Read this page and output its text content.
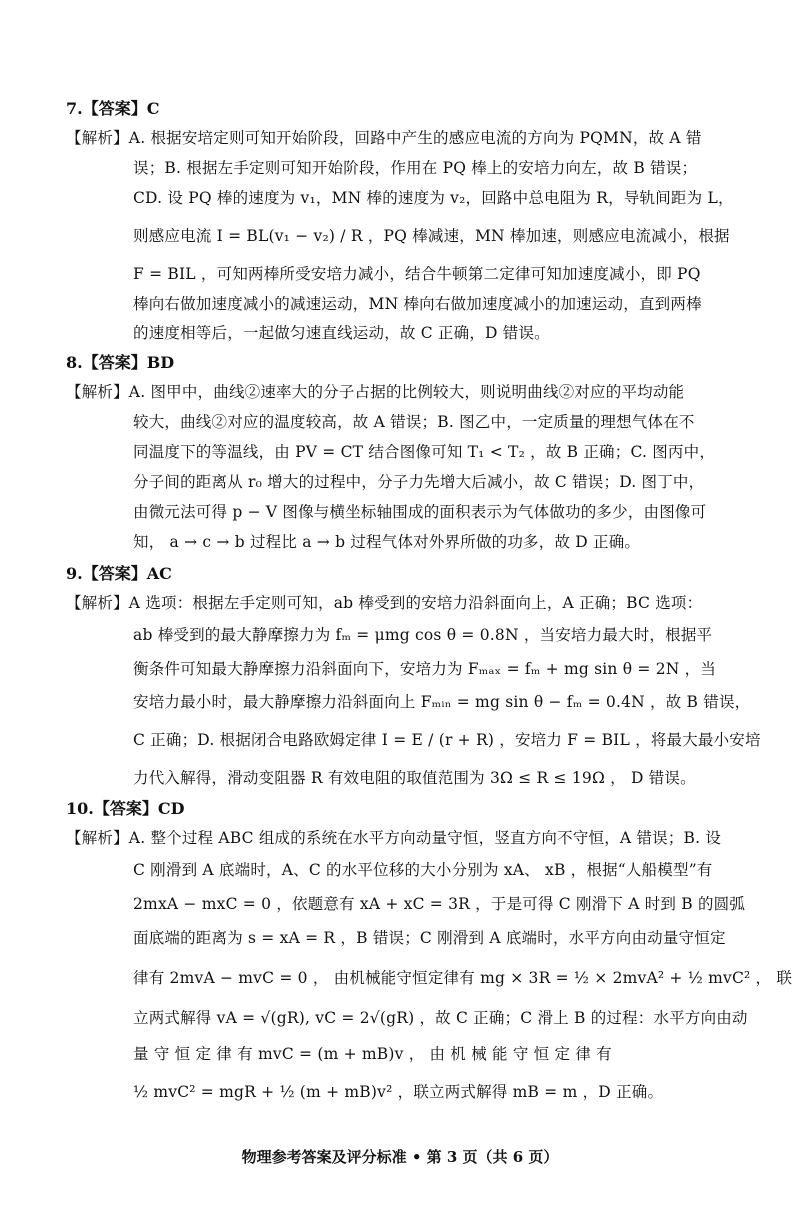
7.【答案】C
【解析】A. 根据安培定则可知开始阶段，回路中产生的感应电流的方向为 PQMN，故 A 错
误；B. 根据左手定则可知开始阶段，作用在 PQ 棒上的安培力向左，故 B 错误；
CD. 设 PQ 棒的速度为 v₁，MN 棒的速度为 v₂，回路中总电阻为 R，导轨间距为 L，
则感应电流 I = BL(v₁ − v₂) / R ，PQ 棒减速，MN 棒加速，则感应电流减小，根据
F = BIL ，可知两棒所受安培力减小，结合牛顿第二定律可知加速度减小，即 PQ
棒向右做加速度减小的减速运动，MN 棒向右做加速度减小的加速运动，直到两棒
的速度相等后，一起做匀速直线运动，故 C 正确，D 错误。
8.【答案】BD
【解析】A. 图甲中，曲线②速率大的分子占据的比例较大，则说明曲线②对应的平均动能
较大，曲线②对应的温度较高，故 A 错误；B. 图乙中，一定质量的理想气体在不
同温度下的等温线，由 PV = CT 结合图像可知 T₁ < T₂ ，故 B 正确；C. 图丙中，
分子间的距离从 r₀ 增大的过程中，分子力先增大后减小，故 C 错误；D. 图丁中，
由微元法可得 p − V 图像与横坐标轴围成的面积表示为气体做功的多少，由图像可
知， a → c → b 过程比 a → b 过程气体对外界所做的功多，故 D 正确。
9.【答案】AC
【解析】A 选项：根据左手定则可知，ab 棒受到的安培力沿斜面向上，A 正确；BC 选项：
ab 棒受到的最大静摩擦力为 fₘ = μmg cos θ = 0.8N ，当安培力最大时，根据平
衡条件可知最大静摩擦力沿斜面向下，安培力为 Fₘₐₓ = fₘ + mg sin θ = 2N ，当
安培力最小时，最大静摩擦力沿斜面向上 Fₘᵢₙ = mg sin θ − fₘ = 0.4N ，故 B 错误，
C 正确；D. 根据闭合电路欧姆定律 I = E / (r + R) ，安培力 F = BIL ，将最大最小安培
力代入解得，滑动变阻器 R 有效电阻的取值范围为 3Ω ≤ R ≤ 19Ω ， D 错误。
10.【答案】CD
【解析】A. 整个过程 ABC 组成的系统在水平方向动量守恒，竖直方向不守恒，A 错误；B. 设
C 刚滑到 A 底端时，A、C 的水平位移的大小分别为 xA、 xB ，根据“人船模型”有
2mxA − mxC = 0 ，依题意有 xA + xC = 3R ，于是可得 C 刚滑下 A 时到 B 的圆弧
面底端的距离为 s = xA = R ，B 错误；C 刚滑到 A 底端时，水平方向由动量守恒定
律有 2mvA − mvC = 0 ， 由机械能守恒定律有 mg × 3R = ½ × 2mvA² + ½ mvC² ， 联
立两式解得 vA = √(gR), vC = 2√(gR) ，故 C 正确；C 滑上 B 的过程：水平方向由动
量 守 恒 定 律 有 mvC = (m + mB)v ， 由 机 械 能 守 恒 定 律 有
½ mvC² = mgR + ½ (m + mB)v² ，联立两式解得 mB = m ，D 正确。
物理参考答案及评分标准 • 第 3 页（共 6 页）
